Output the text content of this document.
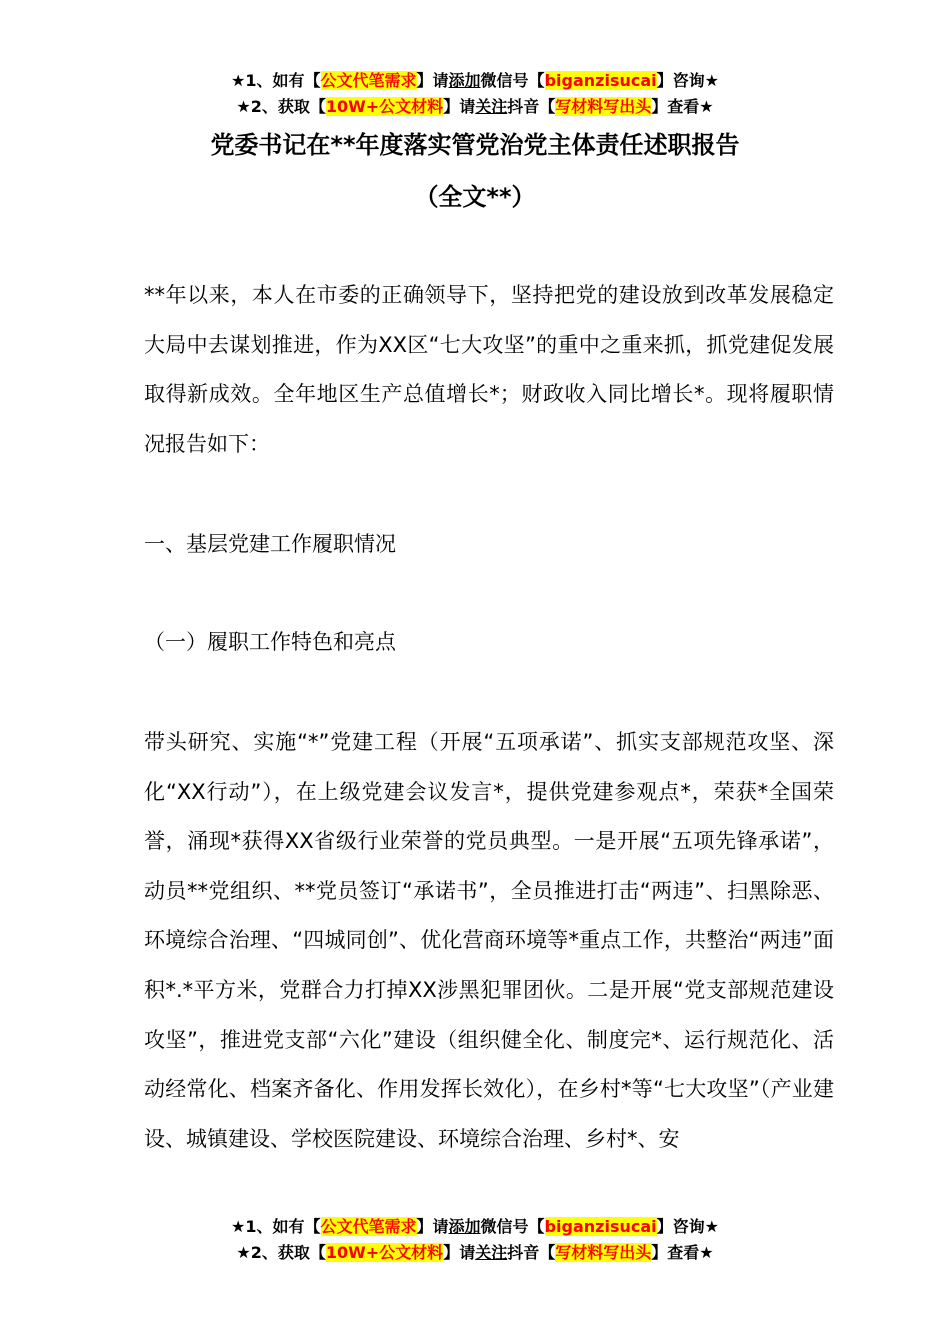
★1、如有【公文代笔需求】请添加微信号【biganzisucai】咨询★
★2、获取【10W+公文材料】请关注抖音【写材料写出头】查看★
党委书记在**年度落实管党治党主体责任述职报告
（全文**）
**年以来，本人在市委的正确领导下，坚持把党的建设放到改革发展稳定大局中去谋划推进，作为XX区“七大攻坚”的重中之重来抓，抓党建促发展取得新成效。全年地区生产总值增长*；财政收入同比增长*。现将履职情况报告如下：
一、基层党建工作履职情况
（一）履职工作特色和亮点
带头研究、实施“*”党建工程（开展“五项承诺”、抓实支部规范攻坚、深化“XX行动”），在上级党建会议发言*，提供党建参观点*，荣获*全国荣誉，涌现*获得XX省级行业荣誉的党员典型。一是开展“五项先锋承诺”，动员**党组织、**党员签订“承诺书”，全员推进打击“两违”、扫黑除恶、环境综合治理、“四城同创”、优化营商环境等*重点工作，共整治“两违”面积*.*平方米，党群合力打掉XX涉黑犯罪团伙。二是开展“党支部规范建设攻坚”，推进党支部“六化”建设（组织健全化、制度完*、运行规范化、活动经常化、档案齐备化、作用发挥长效化），在乡村*等“七大攻坚”（产业建设、城镇建设、学校医院建设、环境综合治理、乡村*、安
★1、如有【公文代笔需求】请添加微信号【biganzisucai】咨询★
★2、获取【10W+公文材料】请关注抖音【写材料写出头】查看★
